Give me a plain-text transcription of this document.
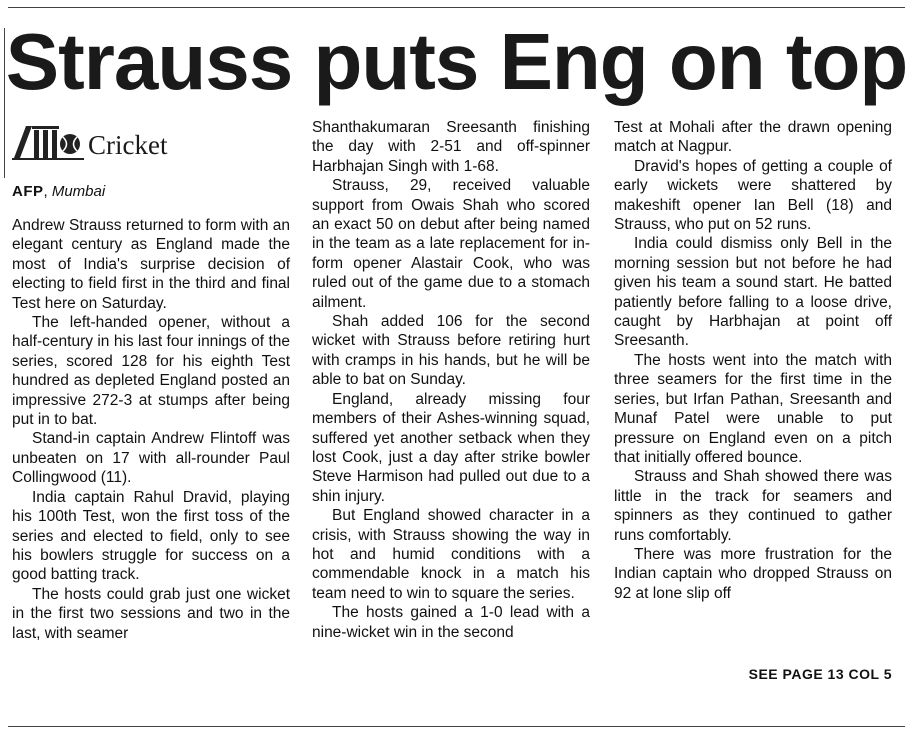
Strauss puts Eng on top
Cricket
AFP, Mumbai

Andrew Strauss returned to form with an elegant century as England made the most of India's surprise decision of electing to field first in the third and final Test here on Saturday.

The left-handed opener, without a half-century in his last four innings of the series, scored 128 for his eighth Test hundred as depleted England posted an impressive 272-3 at stumps after being put in to bat.

Stand-in captain Andrew Flintoff was unbeaten on 17 with all-rounder Paul Collingwood (11).

India captain Rahul Dravid, playing his 100th Test, won the first toss of the series and elected to field, only to see his bowlers struggle for success on a good batting track.

The hosts could grab just one wicket in the first two sessions and two in the last, with seamer

Shanthakumaran Sreesanth finishing the day with 2-51 and off-spinner Harbhajan Singh with 1-68.

Strauss, 29, received valuable support from Owais Shah who scored an exact 50 on debut after being named in the team as a late replacement for in-form opener Alastair Cook, who was ruled out of the game due to a stomach ailment.

Shah added 106 for the second wicket with Strauss before retiring hurt with cramps in his hands, but he will be able to bat on Sunday.

England, already missing four members of their Ashes-winning squad, suffered yet another setback when they lost Cook, just a day after strike bowler Steve Harmison had pulled out due to a shin injury.

But England showed character in a crisis, with Strauss showing the way in hot and humid conditions with a commendable knock in a match his team need to win to square the series.

The hosts gained a 1-0 lead with a nine-wicket win in the second

Test at Mohali after the drawn opening match at Nagpur.

Dravid's hopes of getting a couple of early wickets were shattered by makeshift opener Ian Bell (18) and Strauss, who put on 52 runs.

India could dismiss only Bell in the morning session but not before he had given his team a sound start. He batted patiently before falling to a loose drive, caught by Harbhajan at point off Sreesanth.

The hosts went into the match with three seamers for the first time in the series, but Irfan Pathan, Sreesanth and Munaf Patel were unable to put pressure on England even on a pitch that initially offered bounce.

Strauss and Shah showed there was little in the track for seamers and spinners as they continued to gather runs comfortably.

There was more frustration for the Indian captain who dropped Strauss on 92 at lone slip off

SEE PAGE 13 COL 5
